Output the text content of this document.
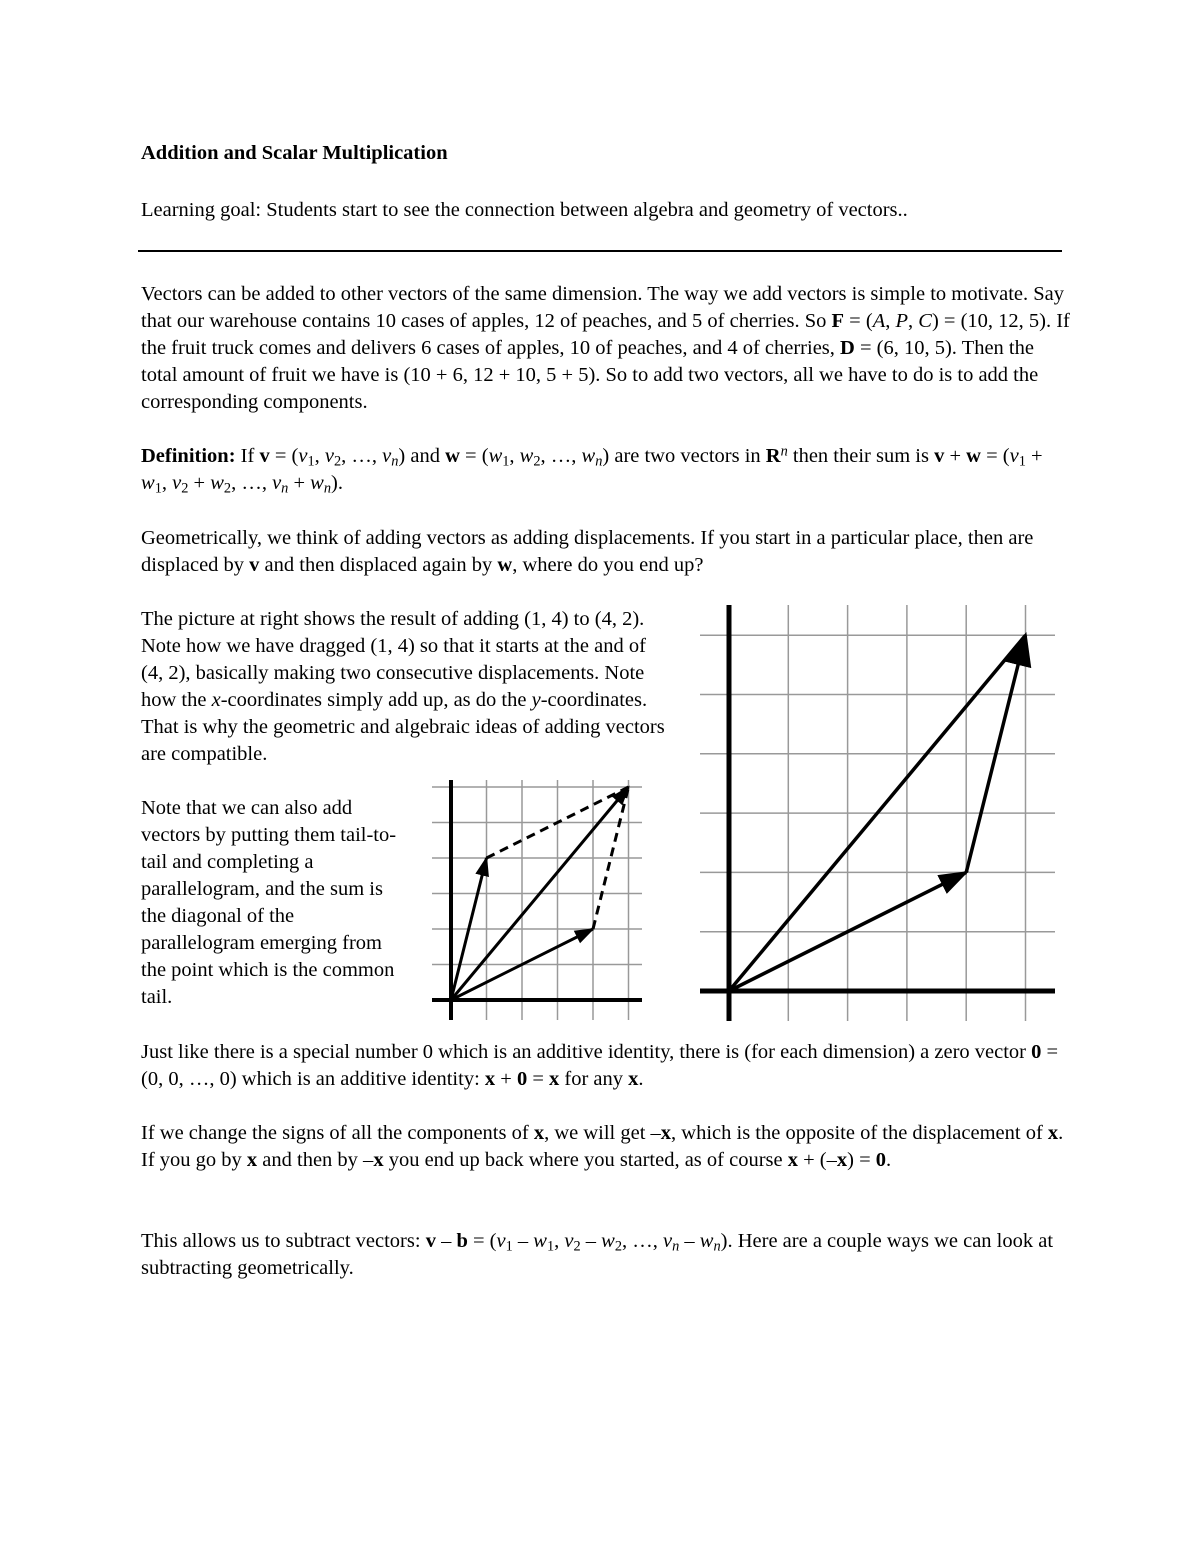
Addition and Scalar Multiplication

Learning goal: Students start to see the connection between algebra and geometry of vectors..

Vectors can be added to other vectors of the same dimension. The way we add vectors is simple to motivate. Say that our warehouse contains 10 cases of apples, 12 of peaches, and 5 of cherries. So F = (A, P, C) = (10, 12, 5). If the fruit truck comes and delivers 6 cases of apples, 10 of peaches, and 4 of cherries, D = (6, 10, 5). Then the total amount of fruit we have is (10 + 6, 12 + 10, 5 + 5). So to add two vectors, all we have to do is to add the corresponding components.

Definition: If $v = (v_1$, $v_2$, …, $v_n$) and $w = (w_1$, $w_2$, …, $w_n$) are two vectors in $R^n$ then their sum is $v + w = (v_1 + w_1$, $v_2 + w_2$, …, $v_n + w_n$).

Geometrically, we think of adding vectors as adding displacements. If you start in a particular place, then are displaced by v and then displaced again by w, where do you end up?

The picture at right shows the result of adding (1, 4) to (4, 2). Note how we have dragged (1, 4) so that it starts at the and of (4, 2), basically making two consecutive displacements. Note how the x-coordinates simply add up, as do the y-coordinates. That is why the geometric and algebraic ideas of adding vectors are compatible.

Note that we can also add vectors by putting them tail-to-tail and completing a parallelogram, and the sum is the diagonal of the parallelogram emerging from the point which is the common tail.

Just like there is a special number 0 which is an additive identity, there is (for each dimension) a zero vector 0 = (0, 0, …, 0) which is an additive identity: x + 0 = x for any x.

If we change the signs of all the components of x, we will get –x, which is the opposite of the displacement of x. If you go by x and then by –x you end up back where you started, as of course x + (–x) = 0.

This allows us to subtract vectors: $v - b = (v_1 - w_1$, $v_2 - w_2$, …, $v_n - w_n$). Here are a couple ways we can look at subtracting geometrically.
